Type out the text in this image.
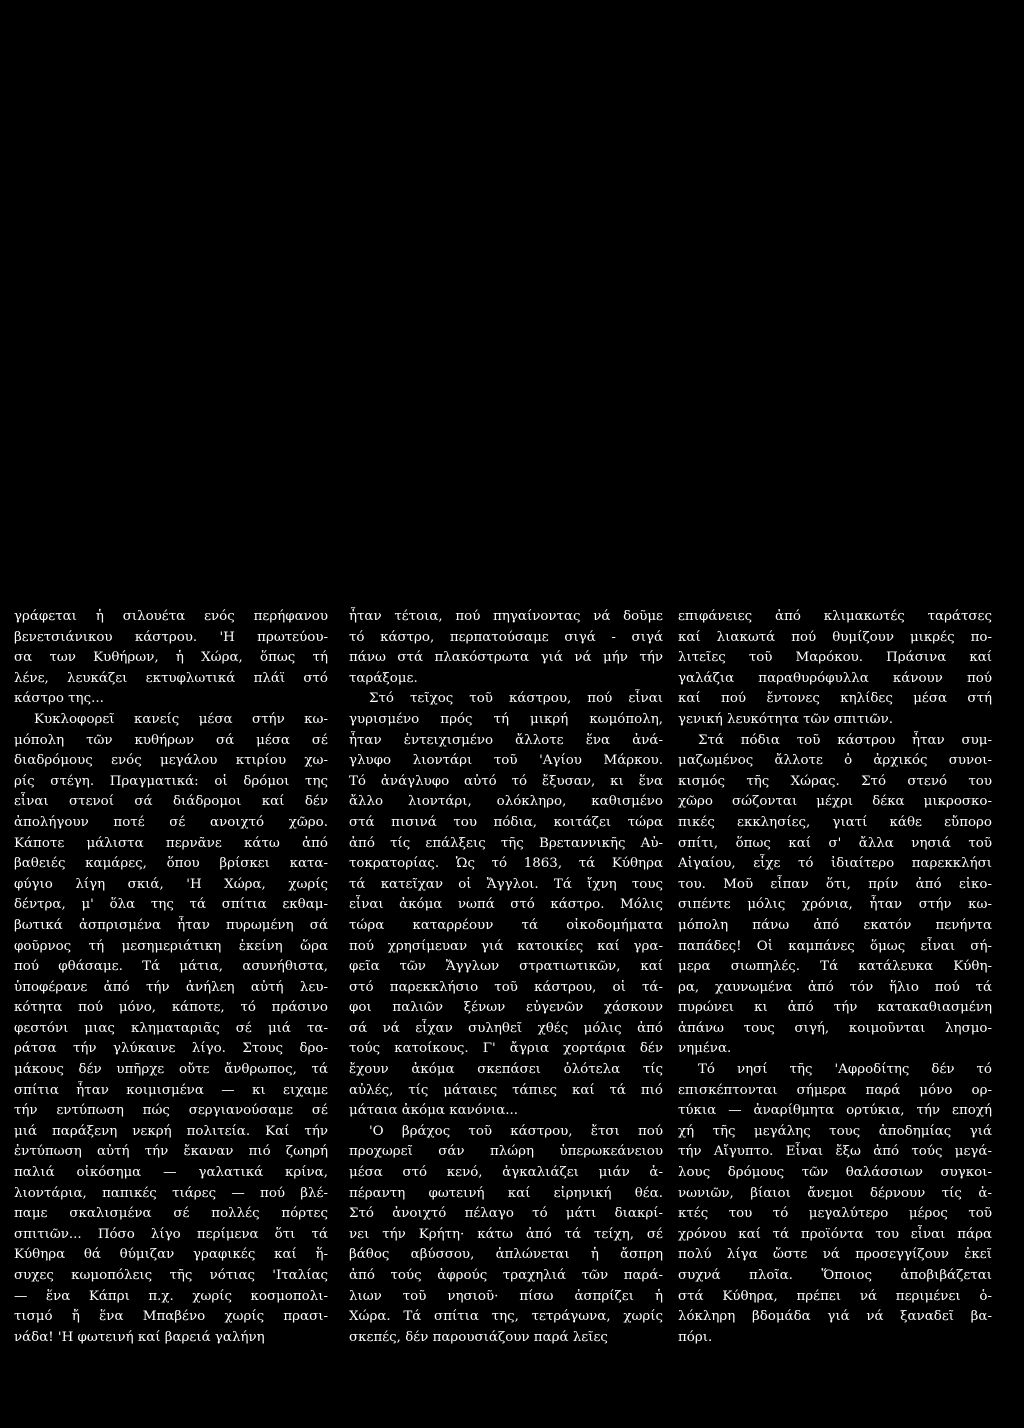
γράφεται ἡ σιλουέτα ενός περήφανου
βενετσιάνικου κάστρου. 'Η πρωτεύου-
σα των Κυθήρων, ἡ Χώρα, ὅπως τή
λένε, λευκάζει εκτυφλωτικά πλάϊ στό
κάστρο της...
Κυκλοφορεῖ κανείς μέσα στήν κω-
μόπολη τῶν κυθήρων σά μέσα σέ
διαδρόμους ενός μεγάλου κτιρίου χω-
ρίς στέγη. Πραγματικά: οἱ δρόμοι της
εἶναι στενοί σά διάδρομοι καί δέν
ἀπολήγουν ποτέ σέ ανοιχτό χῶρο.
Κάποτε μάλιστα περνᾶνε κάτω ἀπό
βαθειές καμάρες, ὅπου βρίσκει κατα-
φύγιο λίγη σκιά, 'Η Χώρα, χωρίς
δέντρα, μ' ὅλα της τά σπίτια εκθαμ-
βωτικά ἀσπρισμένα ἦταν πυρωμένη σά
φοῦρνος τή μεσημεριάτικη ἐκείνη ὥρα
πού φθάσαμε. Τά μάτια, ασυνήθιστα,
ὑποφέρανε ἀπό τήν ἀνήλεη αὐτή λευ-
κότητα πού μόνο, κάποτε, τό πράσινο
φεστόνι μιας κληματαριᾶς σέ μιά τα-
ράτσα τήν γλύκαινε λίγο. Στους δρο-
μάκους δέν υπῆρχε οὔτε ἄνθρωπος, τά
σπίτια ἦταν κοιμισμένα — κι ειχαμε
τήν εντύπωση πώς σεργιανούσαμε σέ
μιά παράξενη νεκρή πολιτεία. Καί τήν
ἐντύπωση αὐτή τήν ἔκαναν πιό ζωηρή
παλιά οἰκόσημα — γαλατικά κρίνα,
λιοντάρια, παπικές τιάρες — πού βλέ-
παμε σκαλισμένα σέ πολλές πόρτες
σπιτιῶν... Πόσο λίγο περίμενα ὅτι τά
Κύθηρα θά θύμιζαν γραφικές καί ἥ-
συχες κωμοπόλεις τῆς νότιας 'Ιταλίας
— ἕνα Κάπρι π.χ. χωρίς κοσμοπολι-
τισμό ἤ ἕνα Μπαβένο χωρίς πρασι-
νάδα! 'Η φωτεινή καί βαρειά γαλήνη
ἦταν τέτοια, πού πηγαίνοντας νά δοῦμε
τό κάστρο, περπατούσαμε σιγά - σιγά
πάνω στά πλακόστρωτα γιά νά μήν τήν
ταράξομε.
Στό τεῖχος τοῦ κάστρου, πού εἶναι
γυρισμένο πρός τή μικρή κωμόπολη,
ἦταν ἐντειχισμένο ἄλλοτε ἕνα ἀνά-
γλυφο λιοντάρι τοῦ 'Αγίου Μάρκου.
Τό ἀνάγλυφο αὐτό τό ἔξυσαν, κι ἕνα
ἄλλο λιοντάρι, ολόκληρο, καθισμένο
στά πισινά του πόδια, κοιτάζει τώρα
ἀπό τίς επάλξεις τῆς Βρεταννικῆς Αὐ-
τοκρατορίας. Ὡς τό 1863, τά Κύθηρα
τά κατεῖχαν οἱ Ἄγγλοι. Τά ἴχνη τους
εἶναι ἀκόμα νωπά στό κάστρο. Μόλις
τώρα καταρρέουν τά οἰκοδομήματα
πού χρησίμευαν γιά κατοικίες καί γρα-
φεῖα τῶν Ἄγγλων στρατιωτικῶν, καί
στό παρεκκλήσιο τοῦ κάστρου, οἱ τά-
φοι παλιῶν ξένων εὐγενῶν χάσκουν
σά νά εἶχαν συληθεῖ χθές μόλις ἀπό
τούς κατοίκους. Γ' ἄγρια χορτάρια δέν
ἔχουν ἀκόμα σκεπάσει ὁλότελα τίς
αὐλές, τίς μάταιες τάπιες καί τά πιό
μάταια ἀκόμα κανόνια...
'Ο βράχος τοῦ κάστρου, ἔτσι πού
προχωρεῖ σάν πλώρη ὑπερωκεάνειου
μέσα στό κενό, ἀγκαλιάζει μιάν ἀ-
πέραντη φωτεινή καί εἰρηνική θέα.
Στό ἀνοιχτό πέλαγο τό μάτι διακρί-
νει τήν Κρήτη· κάτω ἀπό τά τείχη, σέ
βάθος αβύσσου, ἁπλώνεται ἡ ἄσπρη
ἀπό τούς ἀφρούς τραχηλιά τῶν παρά-
λιων τοῦ νησιοῦ· πίσω ἀσπρίζει ἡ
Χώρα. Τά σπίτια της, τετράγωνα, χωρίς
σκεπές, δέν παρουσιάζουν παρά λεῖες
επιφάνειες ἀπό κλιμακωτές ταράτσες
καί λιακωτά πού θυμίζουν μικρές πο-
λιτεῖες τοῦ Μαρόκου. Πράσινα καί
γαλάζια παραθυρόφυλλα κάνουν πού
καί πού ἔντονες κηλίδες μέσα στή
γενική λευκότητα τῶν σπιτιῶν.
Στά πόδια τοῦ κάστρου ἦταν συμ-
μαζωμένος ἄλλοτε ὁ ἀρχικός συνοι-
κισμός τῆς Χώρας. Στό στενό του
χῶρο σώζονται μέχρι δέκα μικροσκο-
πικές εκκλησίες, γιατί κάθε εὔπορο
σπίτι, ὅπως καί σ' ἄλλα νησιά τοῦ
Αἰγαίου, εἶχε τό ἰδιαίτερο παρεκκλήσι
του. Μοῦ εἶπαν ὅτι, πρίν ἀπό εἰκο-
σιπέντε μόλις χρόνια, ἦταν στήν κω-
μόπολη πάνω ἀπό εκατόν πενήντα
παπάδες! Οἱ καμπάνες ὅμως εἶναι σή-
μερα σιωπηλές. Τά κατάλευκα Κύθη-
ρα, χαυνωμένα ἀπό τόν ἥλιο πού τά
πυρώνει κι ἀπό τήν κατακαθιασμένη
ἀπάνω τους σιγή, κοιμοῦνται λησμο-
νημένα.
Τό νησί τῆς 'Αφροδίτης δέν τό
επισκέπτονται σήμερα παρά μόνο ορ-
τύκια — ἀναρίθμητα ορτύκια, τήν εποχή
χή τῆς μεγάλης τους ἀποδημίας γιά
τήν Αἴγυπτο. Εἶναι ἔξω ἀπό τούς μεγά-
λους δρόμους τῶν θαλάσσιων συγκοι-
νωνιῶν, βίαιοι ἄνεμοι δέρνουν τίς ἀ-
κτές του τό μεγαλύτερο μέρος τοῦ
χρόνου καί τά προϊόντα του εἶναι πάρα
πολύ λίγα ὥστε νά προσεγγίζουν ἐκεῖ
συχνά πλοῖα. Ὅποιος ἀποβιβάζεται
στά Κύθηρα, πρέπει νά περιμένει ὁ-
λόκληρη βδομάδα γιά νά ξαναδεῖ βα-
πόρι.
